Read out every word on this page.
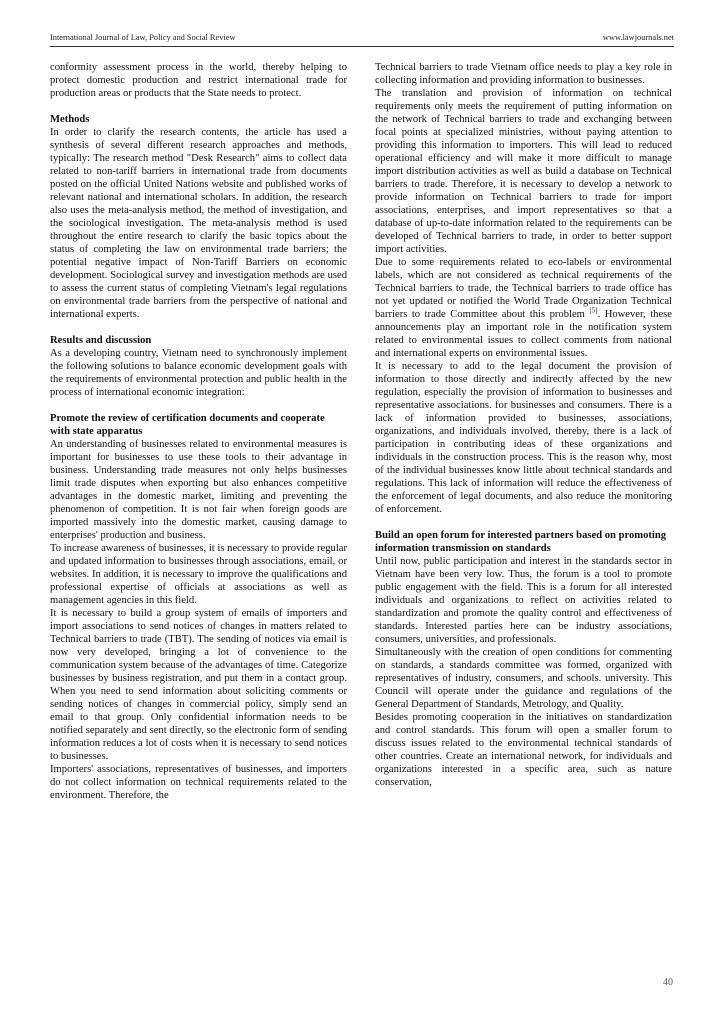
International Journal of Law, Policy and Social Review	www.lawjournals.net

conformity assessment process in the world, thereby helping to protect domestic production and restrict international trade for production areas or products that the State needs to protect.

Methods

In order to clarify the research contents, the article has used a synthesis of several different research approaches and methods, typically: The research method "Desk Research" aims to collect data related to non-tariff barriers in international trade from documents posted on the official United Nations website and published works of relevant national and international scholars. In addition, the research also uses the meta-analysis method, the method of investigation, and the sociological investigation. The meta-analysis method is used throughout the entire research to clarify the basic topics about the status of completing the law on environmental trade barriers; the potential negative impact of Non-Tariff Barriers on economic development. Sociological survey and investigation methods are used to assess the current status of completing Vietnam's legal regulations on environmental trade barriers from the perspective of national and international experts.

Results and discussion

As a developing country, Vietnam need to synchronously implement the following solutions to balance economic development goals with the requirements of environmental protection and public health in the process of international economic integration:

Promote the review of certification documents and cooperate with state apparatus

An understanding of businesses related to environmental measures is important for businesses to use these tools to their advantage in business. Understanding trade measures not only helps businesses limit trade disputes when exporting but also enhances competitive advantages in the domestic market, limiting and preventing the phenomenon of competition. It is not fair when foreign goods are imported massively into the domestic market, causing damage to enterprises' production and business.

To increase awareness of businesses, it is necessary to provide regular and updated information to businesses through associations, email, or websites. In addition, it is necessary to improve the qualifications and professional expertise of officials at associations as well as management agencies in this field.

It is necessary to build a group system of emails of importers and import associations to send notices of changes in matters related to Technical barriers to trade (TBT). The sending of notices via email is now very developed, bringing a lot of convenience to the communication system because of the advantages of time. Categorize businesses by business registration, and put them in a contact group. When you need to send information about soliciting comments or sending notices of changes in commercial policy, simply send an email to that group. Only confidential information needs to be notified separately and sent directly, so the electronic form of sending information reduces a lot of costs when it is necessary to send notices to businesses.

Importers' associations, representatives of businesses, and importers do not collect information on technical requirements related to the environment. Therefore, the

Technical barriers to trade Vietnam office needs to play a key role in collecting information and providing information to businesses.

The translation and provision of information on technical requirements only meets the requirement of putting information on the network of Technical barriers to trade and exchanging between focal points at specialized ministries, without paying attention to providing this information to importers. This will lead to reduced operational efficiency and will make it more difficult to manage import distribution activities as well as build a database on Technical barriers to trade. Therefore, it is necessary to develop a network to provide information on Technical barriers to trade for import associations, enterprises, and import representatives so that a database of up-to-date information related to the requirements can be developed of Technical barriers to trade, in order to better support import activities.

Due to some requirements related to eco-labels or environmental labels, which are not considered as technical requirements of the Technical barriers to trade, the Technical barriers to trade office has not yet updated or notified the World Trade Organization Technical barriers to trade Committee about this problem [5]. However, these announcements play an important role in the notification system related to environmental issues to collect comments from national and international experts on environmental issues.

It is necessary to add to the legal document the provision of information to those directly and indirectly affected by the new regulation, especially the provision of information to businesses and representative associations. for businesses and consumers. There is a lack of information provided to businesses, associations, organizations, and individuals involved, thereby, there is a lack of participation in contributing ideas of these organizations and individuals in the construction process. This is the reason why, most of the individual businesses know little about technical standards and regulations. This lack of information will reduce the effectiveness of the enforcement of legal documents, and also reduce the monitoring of enforcement.

Build an open forum for interested partners based on promoting information transmission on standards

Until now, public participation and interest in the standards sector in Vietnam have been very low. Thus, the forum is a tool to promote public engagement with the field. This is a forum for all interested individuals and organizations to reflect on activities related to standardization and promote the quality control and effectiveness of standards. Interested parties here can be industry associations, consumers, universities, and professionals.

Simultaneously with the creation of open conditions for commenting on standards, a standards committee was formed, organized with representatives of industry, consumers, and schools. university. This Council will operate under the guidance and regulations of the General Department of Standards, Metrology, and Quality.

Besides promoting cooperation in the initiatives on standardization and control standards. This forum will open a smaller forum to discuss issues related to the environmental technical standards of other countries. Create an international network, for individuals and organizations interested in a specific area, such as nature conservation,

40
